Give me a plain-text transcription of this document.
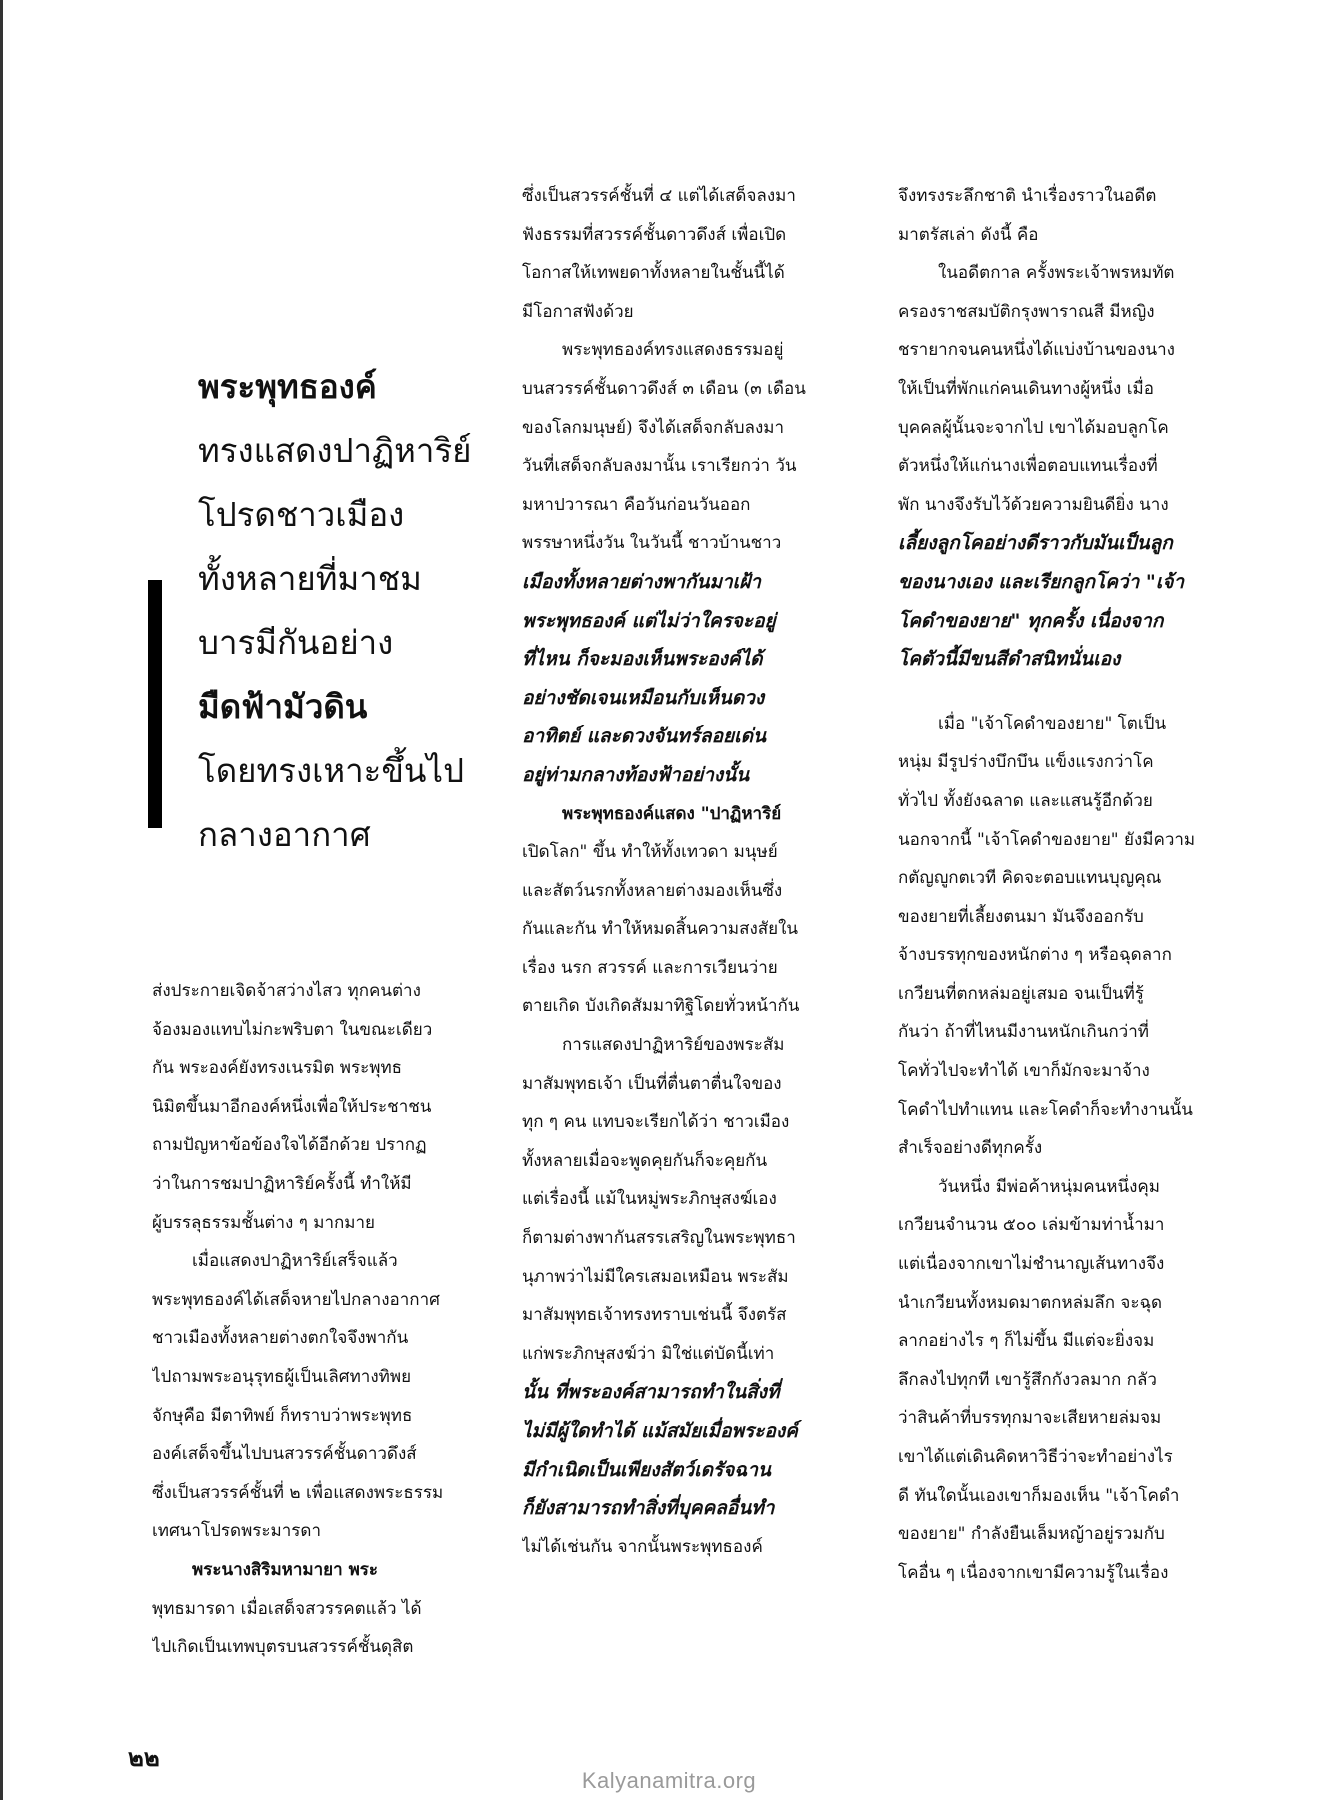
พระพุทธองค์
ทรงแสดงปาฏิหาริย์
โปรดชาวเมือง
ทั้งหลายที่มาชม
บารมีกันอย่าง
มืดฟ้ามัวดิน
โดยทรงเหาะขึ้นไป
กลางอากาศ
ส่งประกายเจิดจ้าสว่างไสว ทุกคนต่าง
จ้องมองแทบไม่กะพริบตา ในขณะเดียว
กัน พระองค์ยังทรงเนรมิต พระพุทธ
นิมิตขึ้นมาอีกองค์หนึ่งเพื่อให้ประชาชน
ถามปัญหาข้อข้องใจได้อีกด้วย ปรากฏ
ว่าในการชมปาฏิหาริย์ครั้งนี้ ทำให้มี
ผู้บรรลุธรรมชั้นต่าง ๆ มากมาย
เมื่อแสดงปาฏิหาริย์เสร็จแล้ว
พระพุทธองค์ได้เสด็จหายไปกลางอากาศ
ชาวเมืองทั้งหลายต่างตกใจจึงพากัน
ไปถามพระอนุรุทธผู้เป็นเลิศทางทิพย
จักษุคือ มีตาทิพย์ ก็ทราบว่าพระพุทธ
องค์เสด็จขึ้นไปบนสวรรค์ชั้นดาวดึงส์
ซึ่งเป็นสวรรค์ชั้นที่ ๒ เพื่อแสดงพระธรรม
เทศนาโปรดพระมารดา
พระนางสิริมหามายา พระ
พุทธมารดา เมื่อเสด็จสวรรคตแล้ว ได้
ไปเกิดเป็นเทพบุตรบนสวรรค์ชั้นดุสิต
ซึ่งเป็นสวรรค์ชั้นที่ ๔ แต่ได้เสด็จลงมา
ฟังธรรมที่สวรรค์ชั้นดาวดึงส์ เพื่อเปิด
โอกาสให้เทพยดาทั้งหลายในชั้นนี้ได้
มีโอกาสฟังด้วย
พระพุทธองค์ทรงแสดงธรรมอยู่
บนสวรรค์ชั้นดาวดึงส์ ๓ เดือน (๓ เดือน
ของโลกมนุษย์) จึงได้เสด็จกลับลงมา
วันที่เสด็จกลับลงมานั้น เราเรียกว่า วัน
มหาปวารณา คือวันก่อนวันออก
พรรษาหนึ่งวัน ในวันนี้ ชาวบ้านชาว
เมืองทั้งหลายต่างพากันมาเฝ้า
พระพุทธองค์ แต่ไม่ว่าใครจะอยู่
ที่ไหน ก็จะมองเห็นพระองค์ได้
อย่างชัดเจนเหมือนกับเห็นดวง
อาทิตย์ และดวงจันทร์ลอยเด่น
อยู่ท่ามกลางท้องฟ้าอย่างนั้น
พระพุทธองค์แสดง "ปาฏิหาริย์
เปิดโลก" ขึ้น ทำให้ทั้งเทวดา มนุษย์
และสัตว์นรกทั้งหลายต่างมองเห็นซึ่ง
กันและกัน ทำให้หมดสิ้นความสงสัยใน
เรื่อง นรก สวรรค์ และการเวียนว่าย
ตายเกิด บังเกิดสัมมาทิฐิโดยทั่วหน้ากัน
การแสดงปาฏิหาริย์ของพระสัม
มาสัมพุทธเจ้า เป็นที่ตื่นตาตื่นใจของ
ทุก ๆ คน แทบจะเรียกได้ว่า ชาวเมือง
ทั้งหลายเมื่อจะพูดคุยกันก็จะคุยกัน
แต่เรื่องนี้ แม้ในหมู่พระภิกษุสงฆ์เอง
ก็ตามต่างพากันสรรเสริญในพระพุทธา
นุภาพว่าไม่มีใครเสมอเหมือน พระสัม
มาสัมพุทธเจ้าทรงทราบเช่นนี้ จึงตรัส
แก่พระภิกษุสงฆ์ว่า มิใช่แต่บัดนี้เท่า
นั้น ที่พระองค์สามารถทำในสิ่งที่
ไม่มีผู้ใดทำได้ แม้สมัยเมื่อพระองค์
มีกำเนิดเป็นเพียงสัตว์เดรัจฉาน
ก็ยังสามารถทำสิ่งที่บุคคลอื่นทำ
ไม่ได้เช่นกัน จากนั้นพระพุทธองค์
จึงทรงระลึกชาติ นำเรื่องราวในอดีต
มาตรัสเล่า ดังนี้ คือ
ในอดีตกาล ครั้งพระเจ้าพรหมทัต
ครองราชสมบัติกรุงพาราณสี มีหญิง
ชรายากจนคนหนึ่งได้แบ่งบ้านของนาง
ให้เป็นที่พักแก่คนเดินทางผู้หนึ่ง เมื่อ
บุคคลผู้นั้นจะจากไป เขาได้มอบลูกโค
ตัวหนึ่งให้แก่นางเพื่อตอบแทนเรื่องที่
พัก นางจึงรับไว้ด้วยความยินดียิ่ง นาง
เลี้ยงลูกโคอย่างดีราวกับมันเป็นลูก
ของนางเอง และเรียกลูกโคว่า "เจ้า
โคดำของยาย" ทุกครั้ง เนื่องจาก
โคตัวนี้มีขนสีดำสนิทนั่นเอง
เมื่อ "เจ้าโคดำของยาย" โตเป็น
หนุ่ม มีรูปร่างบึกบึน แข็งแรงกว่าโค
ทั่วไป ทั้งยังฉลาด และแสนรู้อีกด้วย
นอกจากนี้ "เจ้าโคดำของยาย" ยังมีความ
กตัญญูกตเวที คิดจะตอบแทนบุญคุณ
ของยายที่เลี้ยงตนมา มันจึงออกรับ
จ้างบรรทุกของหนักต่าง ๆ หรือฉุดลาก
เกวียนที่ตกหล่มอยู่เสมอ จนเป็นที่รู้
กันว่า ถ้าที่ไหนมีงานหนักเกินกว่าที่
โคทั่วไปจะทำได้ เขาก็มักจะมาจ้าง
โคดำไปทำแทน และโคดำก็จะทำงานนั้น
สำเร็จอย่างดีทุกครั้ง
วันหนึ่ง มีพ่อค้าหนุ่มคนหนึ่งคุม
เกวียนจำนวน ๕๐๐ เล่มข้ามท่าน้ำมา
แต่เนื่องจากเขาไม่ชำนาญเส้นทางจึง
นำเกวียนทั้งหมดมาตกหล่มลึก จะฉุด
ลากอย่างไร ๆ ก็ไม่ขึ้น มีแต่จะยิ่งจม
ลึกลงไปทุกที เขารู้สึกกังวลมาก กลัว
ว่าสินค้าที่บรรทุกมาจะเสียหายล่มจม
เขาได้แต่เดินคิดหาวิธีว่าจะทำอย่างไร
ดี ทันใดนั้นเองเขาก็มองเห็น "เจ้าโคดำ
ของยาย" กำลังยืนเล็มหญ้าอยู่รวมกับ
โคอื่น ๆ เนื่องจากเขามีความรู้ในเรื่อง
๒๒
Kalyanamitra.org
